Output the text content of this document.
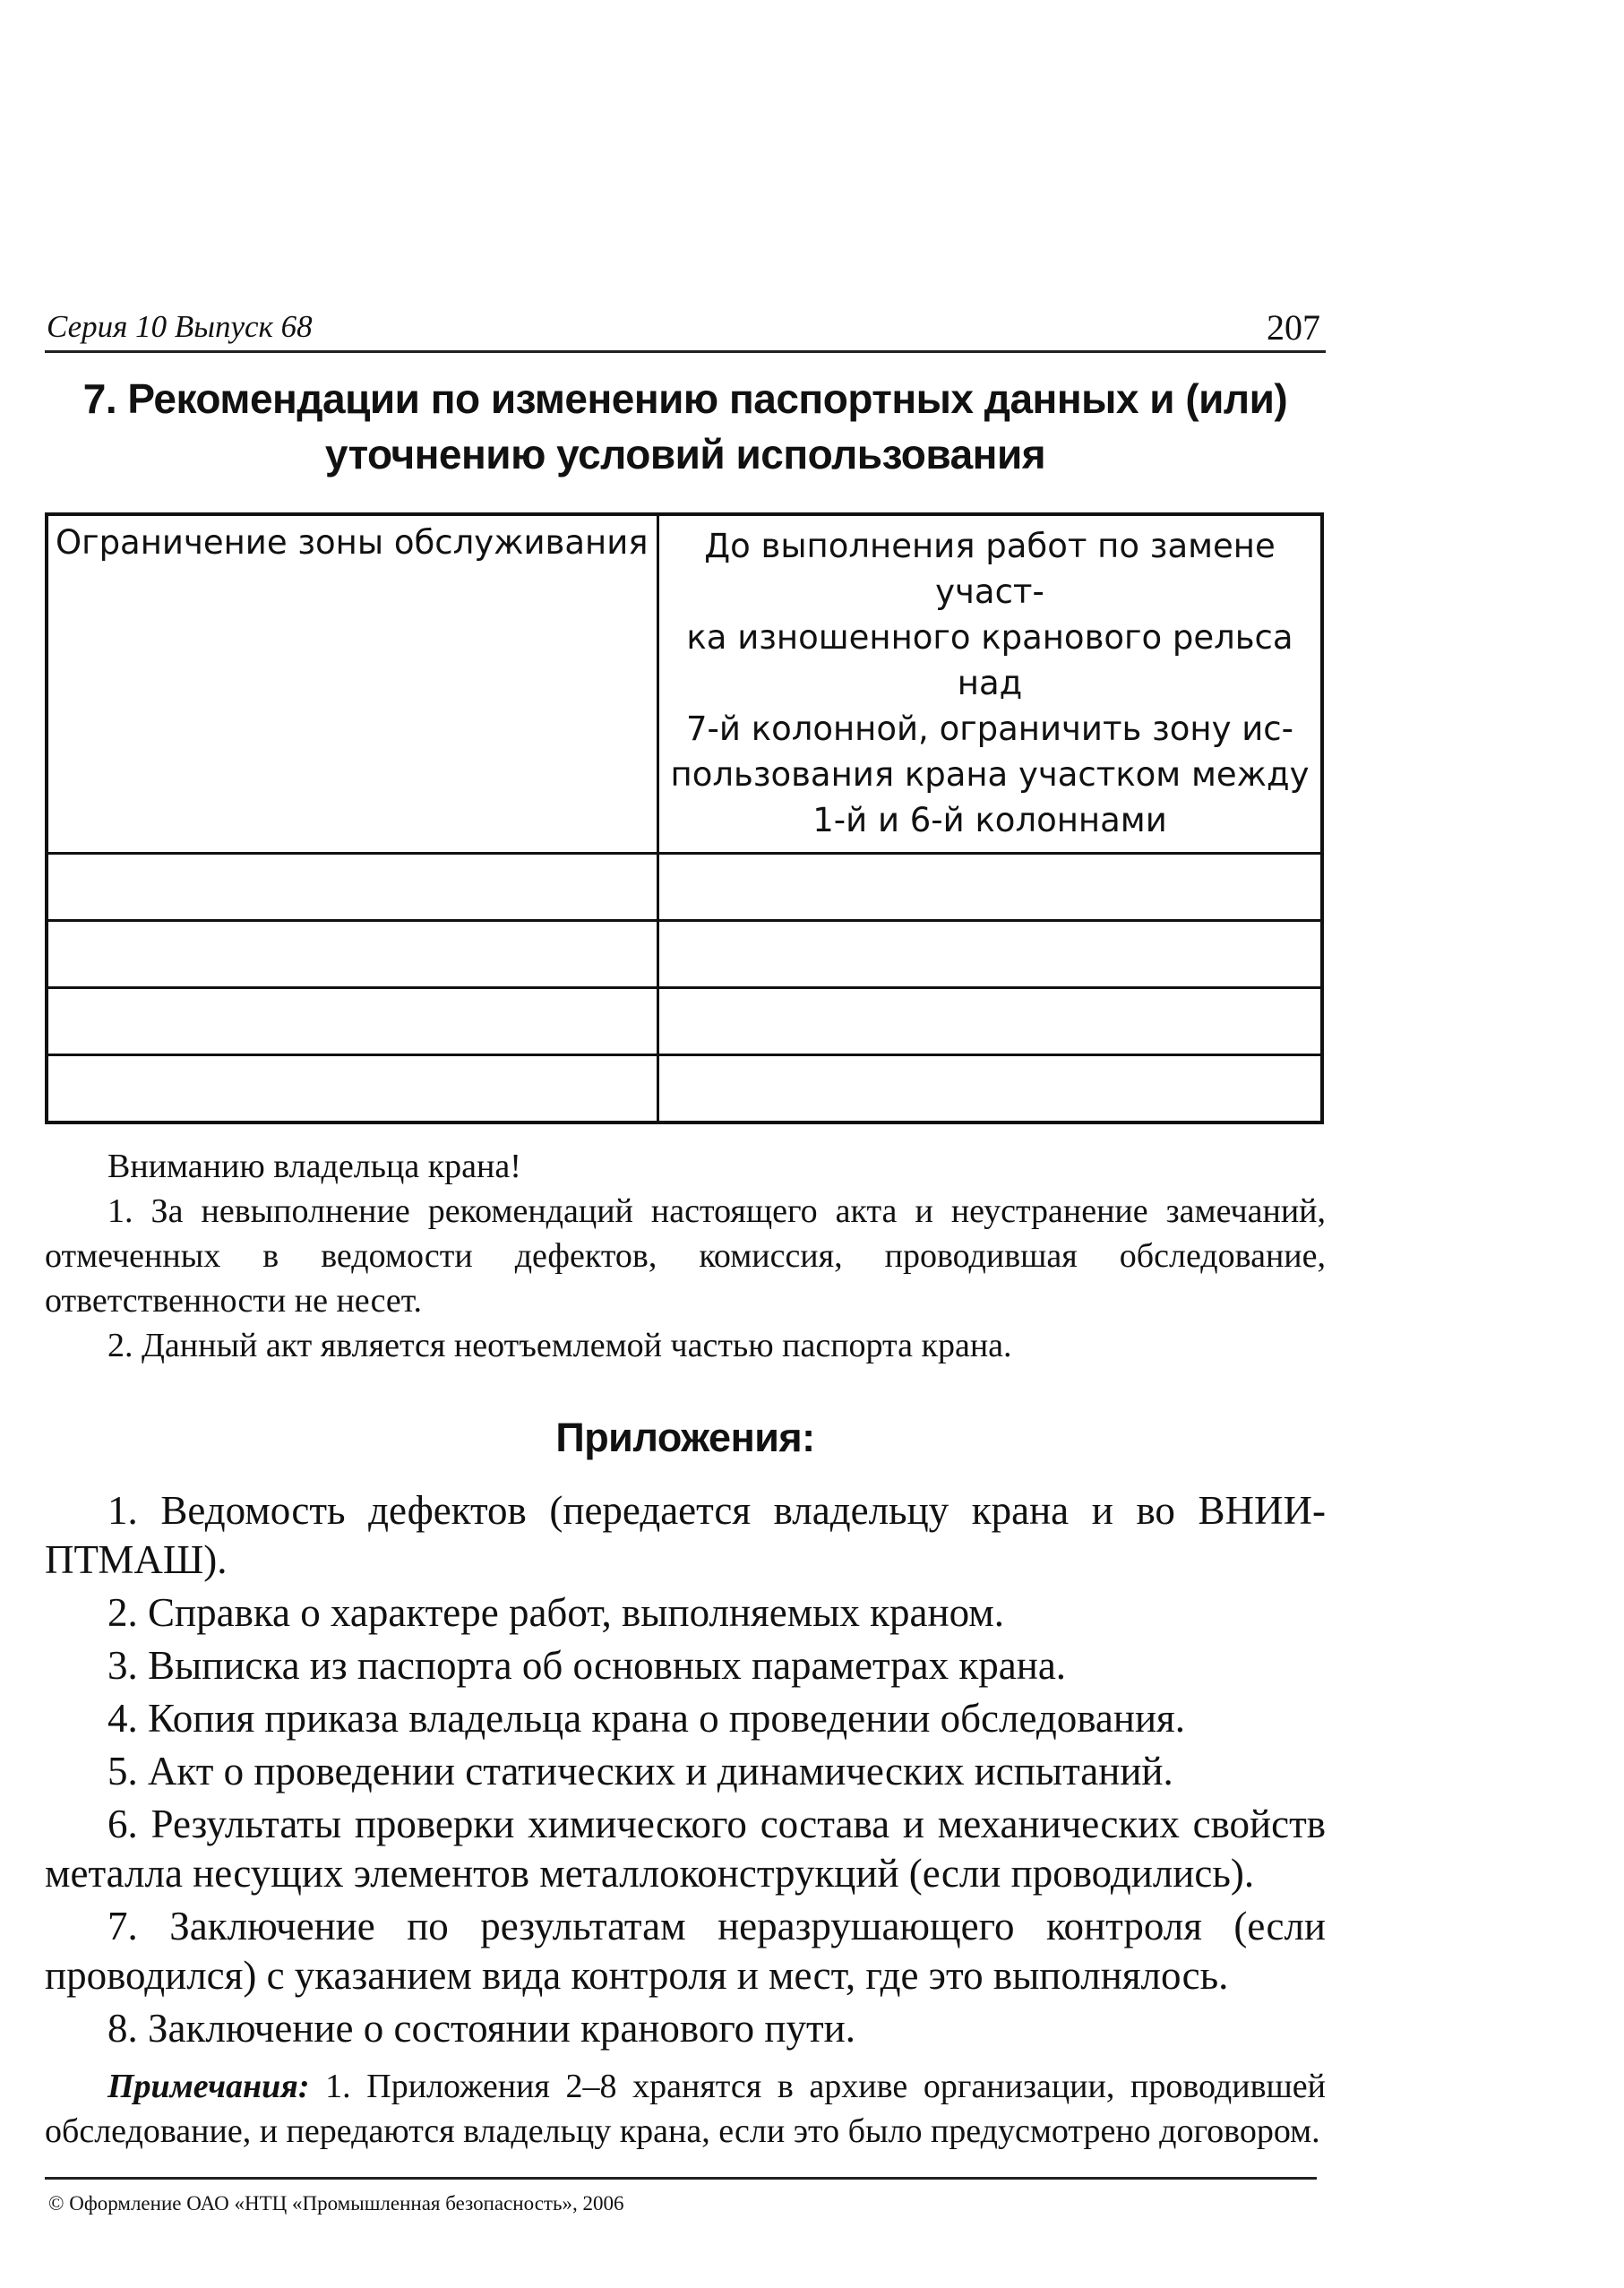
Серия 10 Выпуск 68	207
7. Рекомендации по изменению паспортных данных и (или)
уточнению условий использования
Ограничение зоны обслуживания	До выполнения работ по замене участ-
ка изношенного кранового рельса над
7-й колонной, ограничить зону ис-
пользования крана участком между
1-й и 6-й колоннами

Вниманию владельца крана!

1. За невыполнение рекомендаций настоящего акта и неустранение замечаний, отмеченных в ведомости дефектов, комиссия, проводившая обследование, ответственности не несет.

2. Данный акт является неотъемлемой частью паспорта крана.

Приложения:

1. Ведомость дефектов (передается владельцу крана и во ВНИИ-ПТМАШ).

2. Справка о характере работ, выполняемых краном.

3. Выписка из паспорта об основных параметрах крана.

4. Копия приказа владельца крана о проведении обследования.

5. Акт о проведении статических и динамических испытаний.

6. Результаты проверки химического состава и механических свойств металла несущих элементов металлоконструкций (если проводились).

7. Заключение по результатам неразрушающего контроля (если проводился) с указанием вида контроля и мест, где это выполнялось.

8. Заключение о состоянии кранового пути.

Примечания: 1. Приложения 2–8 хранятся в архиве организации, проводившей обследование, и передаются владельцу крана, если это было предусмотрено договором.

© Оформление ОАО «НТЦ «Промышленная безопасность», 2006
